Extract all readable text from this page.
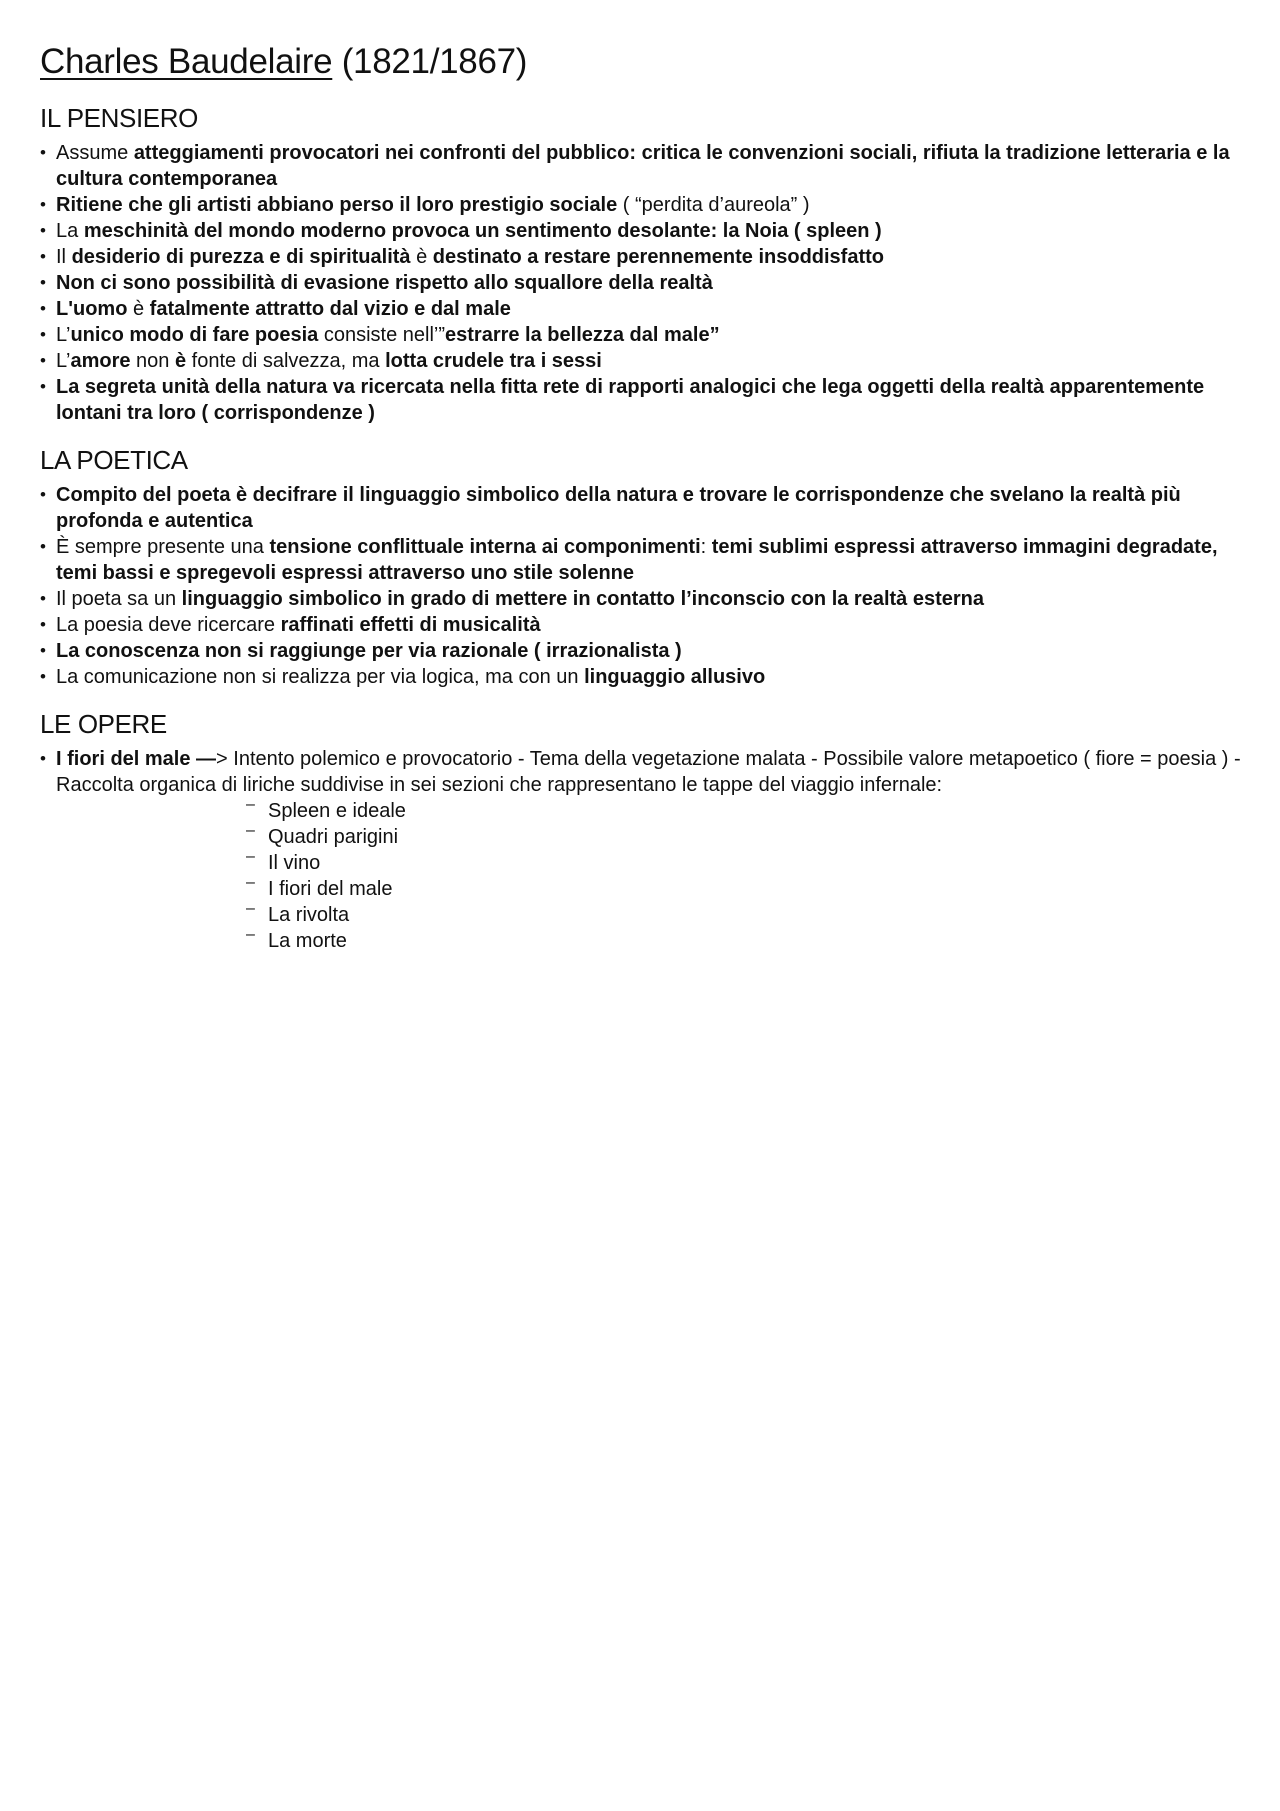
Charles Baudelaire (1821/1867)
IL PENSIERO
• Assume atteggiamenti provocatori nei confronti del pubblico: critica le convenzioni sociali, rifiuta la tradizione letteraria e la cultura contemporanea
• Ritiene che gli artisti abbiano perso il loro prestigio sociale ( “perdita d’aureola” )
• La meschinità del mondo moderno provoca un sentimento desolante: la Noia ( spleen )
• Il desiderio di purezza e di spiritualità è destinato a restare perennemente insoddisfatto
• Non ci sono possibilità di evasione rispetto allo squallore della realtà
• L'uomo è fatalmente attratto dal vizio e dal male
• L’unico modo di fare poesia consiste nell’”estrarre la bellezza dal male”
• L’amore non è fonte di salvezza, ma lotta crudele tra i sessi
• La segreta unità della natura va ricercata nella fitta rete di rapporti analogici che lega oggetti della realtà apparentemente lontani tra loro ( corrispondenze )
LA POETICA
• Compito del poeta è decifrare il linguaggio simbolico della natura e trovare le corrispondenze che svelano la realtà più profonda e autentica
• È sempre presente una tensione conflittuale interna ai componimenti: temi sublimi espressi attraverso immagini degradate, temi bassi e spregevoli espressi attraverso uno stile solenne
• Il poeta sa un linguaggio simbolico in grado di mettere in contatto l’inconscio con la realtà esterna
• La poesia deve ricercare raffinati effetti di musicalità
• La conoscenza non si raggiunge per via razionale ( irrazionalista )
• La comunicazione non si realizza per via logica, ma con un linguaggio allusivo
LE OPERE
• I fiori del male —> Intento polemico e provocatorio - Tema della vegetazione malata - Possibile valore metapoetico ( fiore = poesia ) - Raccolta organica di liriche suddivise in sei sezioni che rappresentano le tappe del viaggio infernale:
– Spleen e ideale
– Quadri parigini
– Il vino
– I fiori del male
– La rivolta
– La morte
